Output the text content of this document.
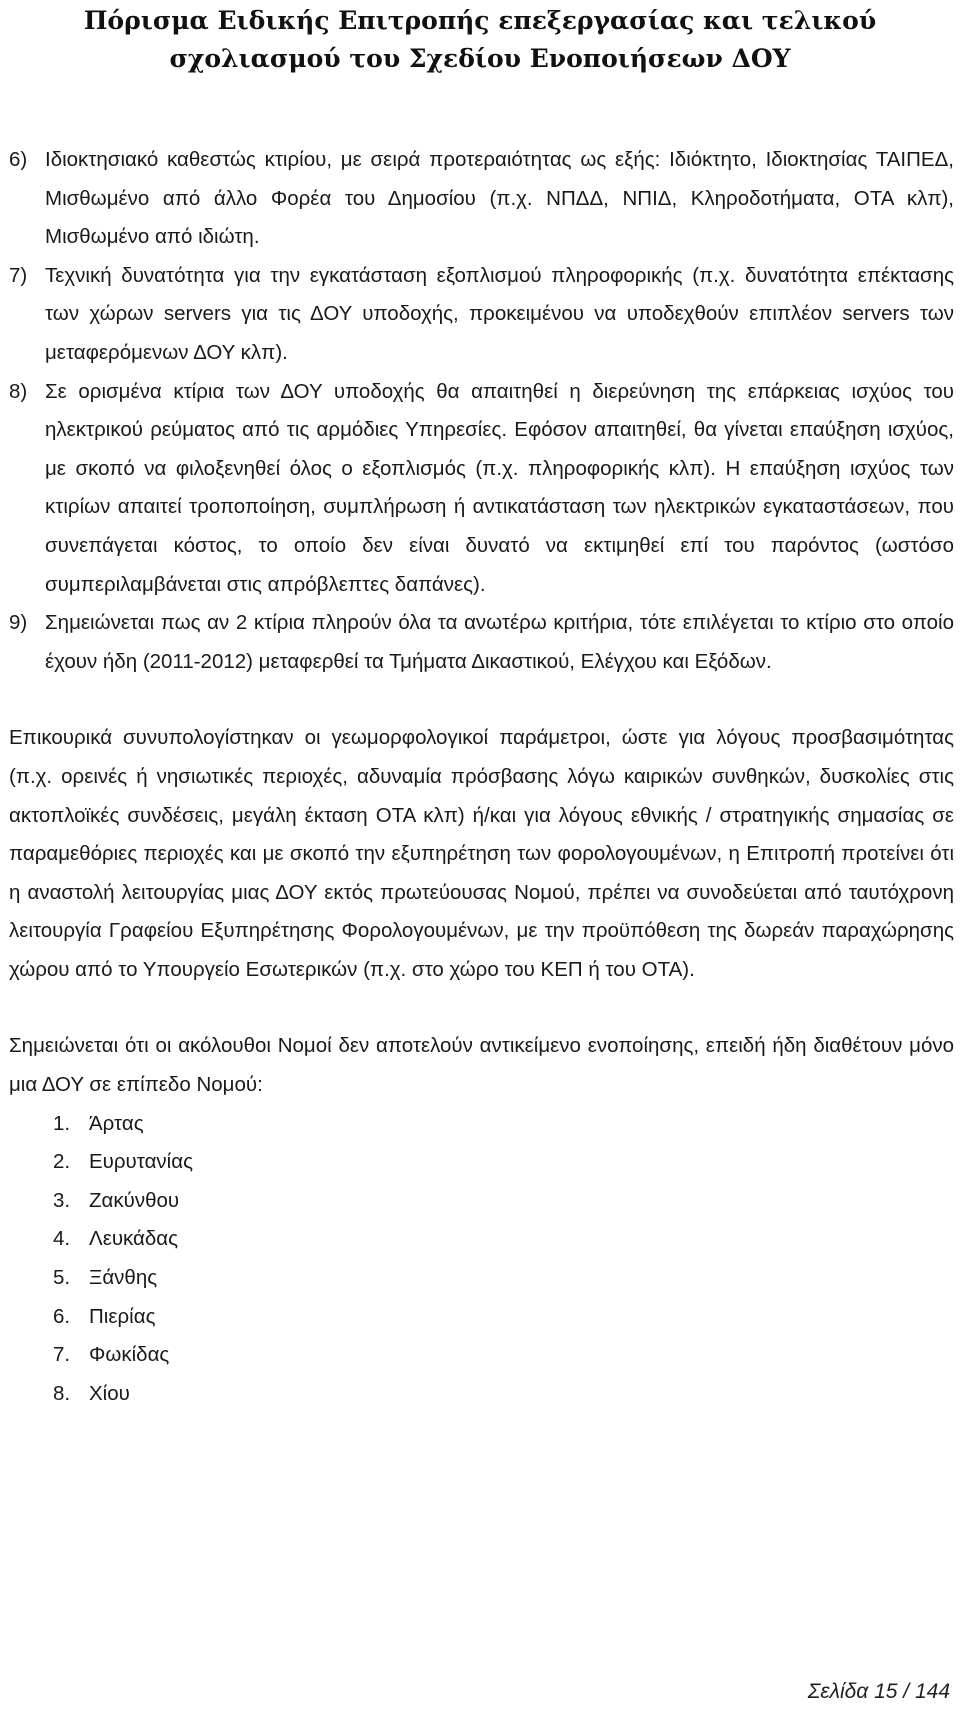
Πόρισμα Ειδικής Επιτροπής επεξεργασίας και τελικού
σχολιασμού του Σχεδίου Ενοποιήσεων ΔΟΥ
6) Ιδιοκτησιακό καθεστώς κτιρίου, με σειρά προτεραιότητας ως εξής: Ιδιόκτητο, Ιδιοκτησίας ΤΑΙΠΕΔ, Μισθωμένο από άλλο Φορέα του Δημοσίου (π.χ. ΝΠΔΔ, ΝΠΙΔ, Κληροδοτήματα, ΟΤΑ κλπ), Μισθωμένο από ιδιώτη.
7) Τεχνική δυνατότητα για την εγκατάσταση εξοπλισμού πληροφορικής (π.χ. δυνατότητα επέκτασης των χώρων servers για τις ΔΟΥ υποδοχής, προκειμένου να υποδεχθούν επιπλέον servers των μεταφερόμενων ΔΟΥ κλπ).
8) Σε ορισμένα κτίρια των ΔΟΥ υποδοχής θα απαιτηθεί η διερεύνηση της επάρκειας ισχύος του ηλεκτρικού ρεύματος από τις αρμόδιες Υπηρεσίες. Εφόσον απαιτηθεί, θα γίνεται επαύξηση ισχύος, με σκοπό να φιλοξενηθεί όλος ο εξοπλισμός (π.χ. πληροφορικής κλπ). Η επαύξηση ισχύος των κτιρίων απαιτεί τροποποίηση, συμπλήρωση ή αντικατάσταση των ηλεκτρικών εγκαταστάσεων, που συνεπάγεται κόστος, το οποίο δεν είναι δυνατό να εκτιμηθεί επί του παρόντος (ωστόσο συμπεριλαμβάνεται στις απρόβλεπτες δαπάνες).
9) Σημειώνεται πως αν 2 κτίρια πληρούν όλα τα ανωτέρω κριτήρια, τότε επιλέγεται το κτίριο στο οποίο έχουν ήδη (2011-2012) μεταφερθεί τα Τμήματα Δικαστικού, Ελέγχου και Εξόδων.

Επικουρικά συνυπολογίστηκαν οι γεωμορφολογικοί παράμετροι, ώστε για λόγους προσβασιμότητας (π.χ. ορεινές ή νησιωτικές περιοχές, αδυναμία πρόσβασης λόγω καιρικών συνθηκών, δυσκολίες στις ακτοπλοϊκές συνδέσεις, μεγάλη έκταση ΟΤΑ κλπ) ή/και για λόγους εθνικής / στρατηγικής σημασίας σε παραμεθόριες περιοχές και με σκοπό την εξυπηρέτηση των φορολογουμένων, η Επιτροπή προτείνει ότι η αναστολή λειτουργίας μιας ΔΟΥ εκτός πρωτεύουσας Νομού, πρέπει να συνοδεύεται από ταυτόχρονη λειτουργία Γραφείου Εξυπηρέτησης Φορολογουμένων, με την προϋπόθεση της δωρεάν παραχώρησης χώρου από το Υπουργείο Εσωτερικών (π.χ. στο χώρο του ΚΕΠ ή του ΟΤΑ).

Σημειώνεται ότι οι ακόλουθοι Νομοί δεν αποτελούν αντικείμενο ενοποίησης, επειδή ήδη διαθέτουν μόνο μια ΔΟΥ σε επίπεδο Νομού:

1. Άρτας
2. Ευρυτανίας
3. Ζακύνθου
4. Λευκάδας
5. Ξάνθης
6. Πιερίας
7. Φωκίδας
8. Χίου
Σελίδα 15 / 144
